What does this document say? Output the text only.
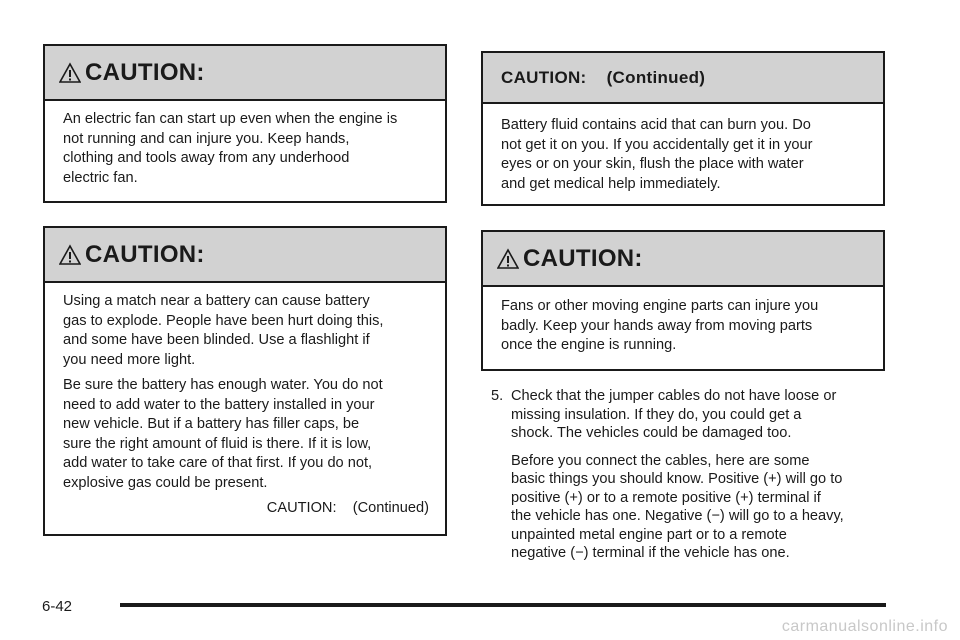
CAUTION:

An electric fan can start up even when the engine is

not running and can injure you. Keep hands,

clothing and tools away from any underhood

electric fan.

CAUTION:

Using a match near a battery can cause battery

gas to explode. People have been hurt doing this,

and some have been blinded. Use a flashlight if

you need more light.

Be sure the battery has enough water. You do not

need to add water to the battery installed in your

new vehicle. But if a battery has filler caps, be

sure the right amount of fluid is there. If it is low,

add water to take care of that first. If you do not,

explosive gas could be present.

CAUTION:    (Continued)

CAUTION:    (Continued)

Battery fluid contains acid that can burn you. Do

not get it on you. If you accidentally get it in your

eyes or on your skin, flush the place with water

and get medical help immediately.

CAUTION:

Fans or other moving engine parts can injure you

badly. Keep your hands away from moving parts

once the engine is running.

5. Check that the jumper cables do not have loose or

missing insulation. If they do, you could get a

shock. The vehicles could be damaged too.

Before you connect the cables, here are some

basic things you should know. Positive (+) will go to

positive (+) or to a remote positive (+) terminal if

the vehicle has one. Negative (−) will go to a heavy,

unpainted metal engine part or to a remote

negative (−) terminal if the vehicle has one.

6-42
carmanualsonline.info
